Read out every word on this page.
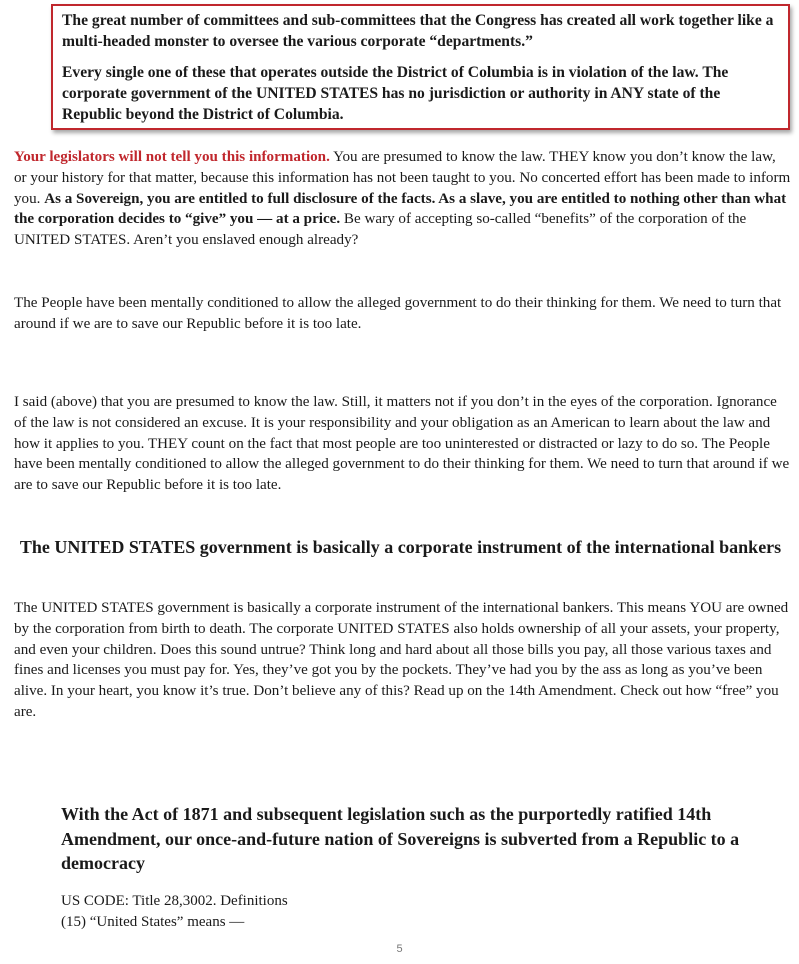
The great number of committees and sub-committees that the Congress has created all work together like a multi-headed monster to oversee the various corporate “departments.”

Every single one of these that operates outside the District of Columbia is in violation of the law. The corporate government of the UNITED STATES has no jurisdiction or authority in ANY state of the Republic beyond the District of Columbia.

Your legislators will not tell you this information. You are presumed to know the law. THEY know you don’t know the law, or your history for that matter, because this information has not been taught to you. No concerted effort has been made to inform you. As a Sovereign, you are entitled to full disclosure of the facts. As a slave, you are entitled to nothing other than what the corporation decides to “give” you — at a price. Be wary of accepting so-called “benefits” of the corporation of the UNITED STATES. Aren’t you enslaved enough already?

The People have been mentally conditioned to allow the alleged government to do their thinking for them. We need to turn that around if we are to save our Republic before it is too late.

I said (above) that you are presumed to know the law. Still, it matters not if you don’t in the eyes of the corporation. Ignorance of the law is not considered an excuse. It is your responsibility and your obligation as an American to learn about the law and how it applies to you. THEY count on the fact that most people are too uninterested or distracted or lazy to do so. The People have been mentally conditioned to allow the alleged government to do their thinking for them. We need to turn that around if we are to save our Republic before it is too late.

The UNITED STATES government is basically a corporate instrument of the international bankers

The UNITED STATES government is basically a corporate instrument of the international bankers. This means YOU are owned by the corporation from birth to death. The corporate UNITED STATES also holds ownership of all your assets, your property, and even your children. Does this sound untrue? Think long and hard about all those bills you pay, all those various taxes and fines and licenses you must pay for. Yes, they’ve got you by the pockets. They’ve had you by the ass as long as you’ve been alive. In your heart, you know it’s true. Don’t believe any of this? Read up on the 14th Amendment. Check out how “free” you are.

With the Act of 1871 and subsequent legislation such as the purportedly ratified 14th Amendment, our once-and-future nation of Sovereigns is subverted from a Republic to a democracy

US CODE: Title 28,3002. Definitions

(15) “United States” means —

5
